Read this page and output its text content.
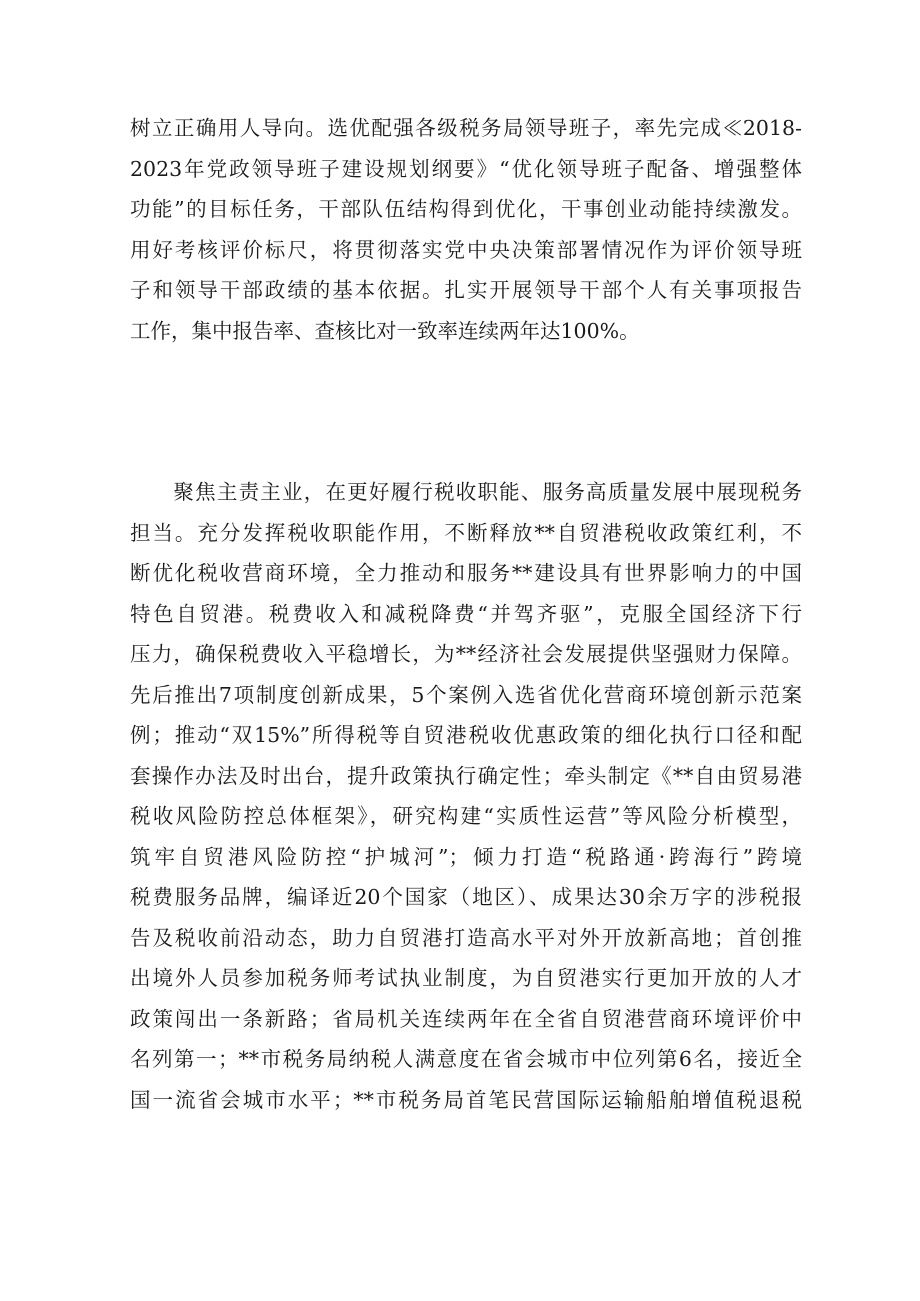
树立正确用人导向。选优配强各级税务局领导班子，率先完成≪2018-
2023年党政领导班子建设规划纲要》“优化领导班子配备、增强整体
功能”的目标任务，干部队伍结构得到优化，干事创业动能持续激发。
用好考核评价标尺，将贯彻落实党中央决策部署情况作为评价领导班
子和领导干部政绩的基本依据。扎实开展领导干部个人有关事项报告
工作，集中报告率、查核比对一致率连续两年达100%。
　　聚焦主责主业，在更好履行税收职能、服务高质量发展中展现税务
担当。充分发挥税收职能作用，不断释放**自贸港税收政策红利，不
断优化税收营商环境，全力推动和服务**建设具有世界影响力的中国
特色自贸港。税费收入和减税降费“并驾齐驱”，克服全国经济下行
压力，确保税费收入平稳增长，为**经济社会发展提供坚强财力保障。
先后推出7项制度创新成果，5个案例入选省优化营商环境创新示范案
例；推动“双15%”所得税等自贸港税收优惠政策的细化执行口径和配
套操作办法及时出台，提升政策执行确定性；牵头制定《**自由贸易港
税收风险防控总体框架》，研究构建“实质性运营”等风险分析模型，
筑牢自贸港风险防控“护城河”；倾力打造“税路通·跨海行”跨境
税费服务品牌，编译近20个国家（地区）、成果达30余万字的涉税报
告及税收前沿动态，助力自贸港打造高水平对外开放新高地；首创推
出境外人员参加税务师考试执业制度，为自贸港实行更加开放的人才
政策闯出一条新路；省局机关连续两年在全省自贸港营商环境评价中
名列第一；**市税务局纳税人满意度在省会城市中位列第6名，接近全
国一流省会城市水平；**市税务局首笔民营国际运输船舶增值税退税
